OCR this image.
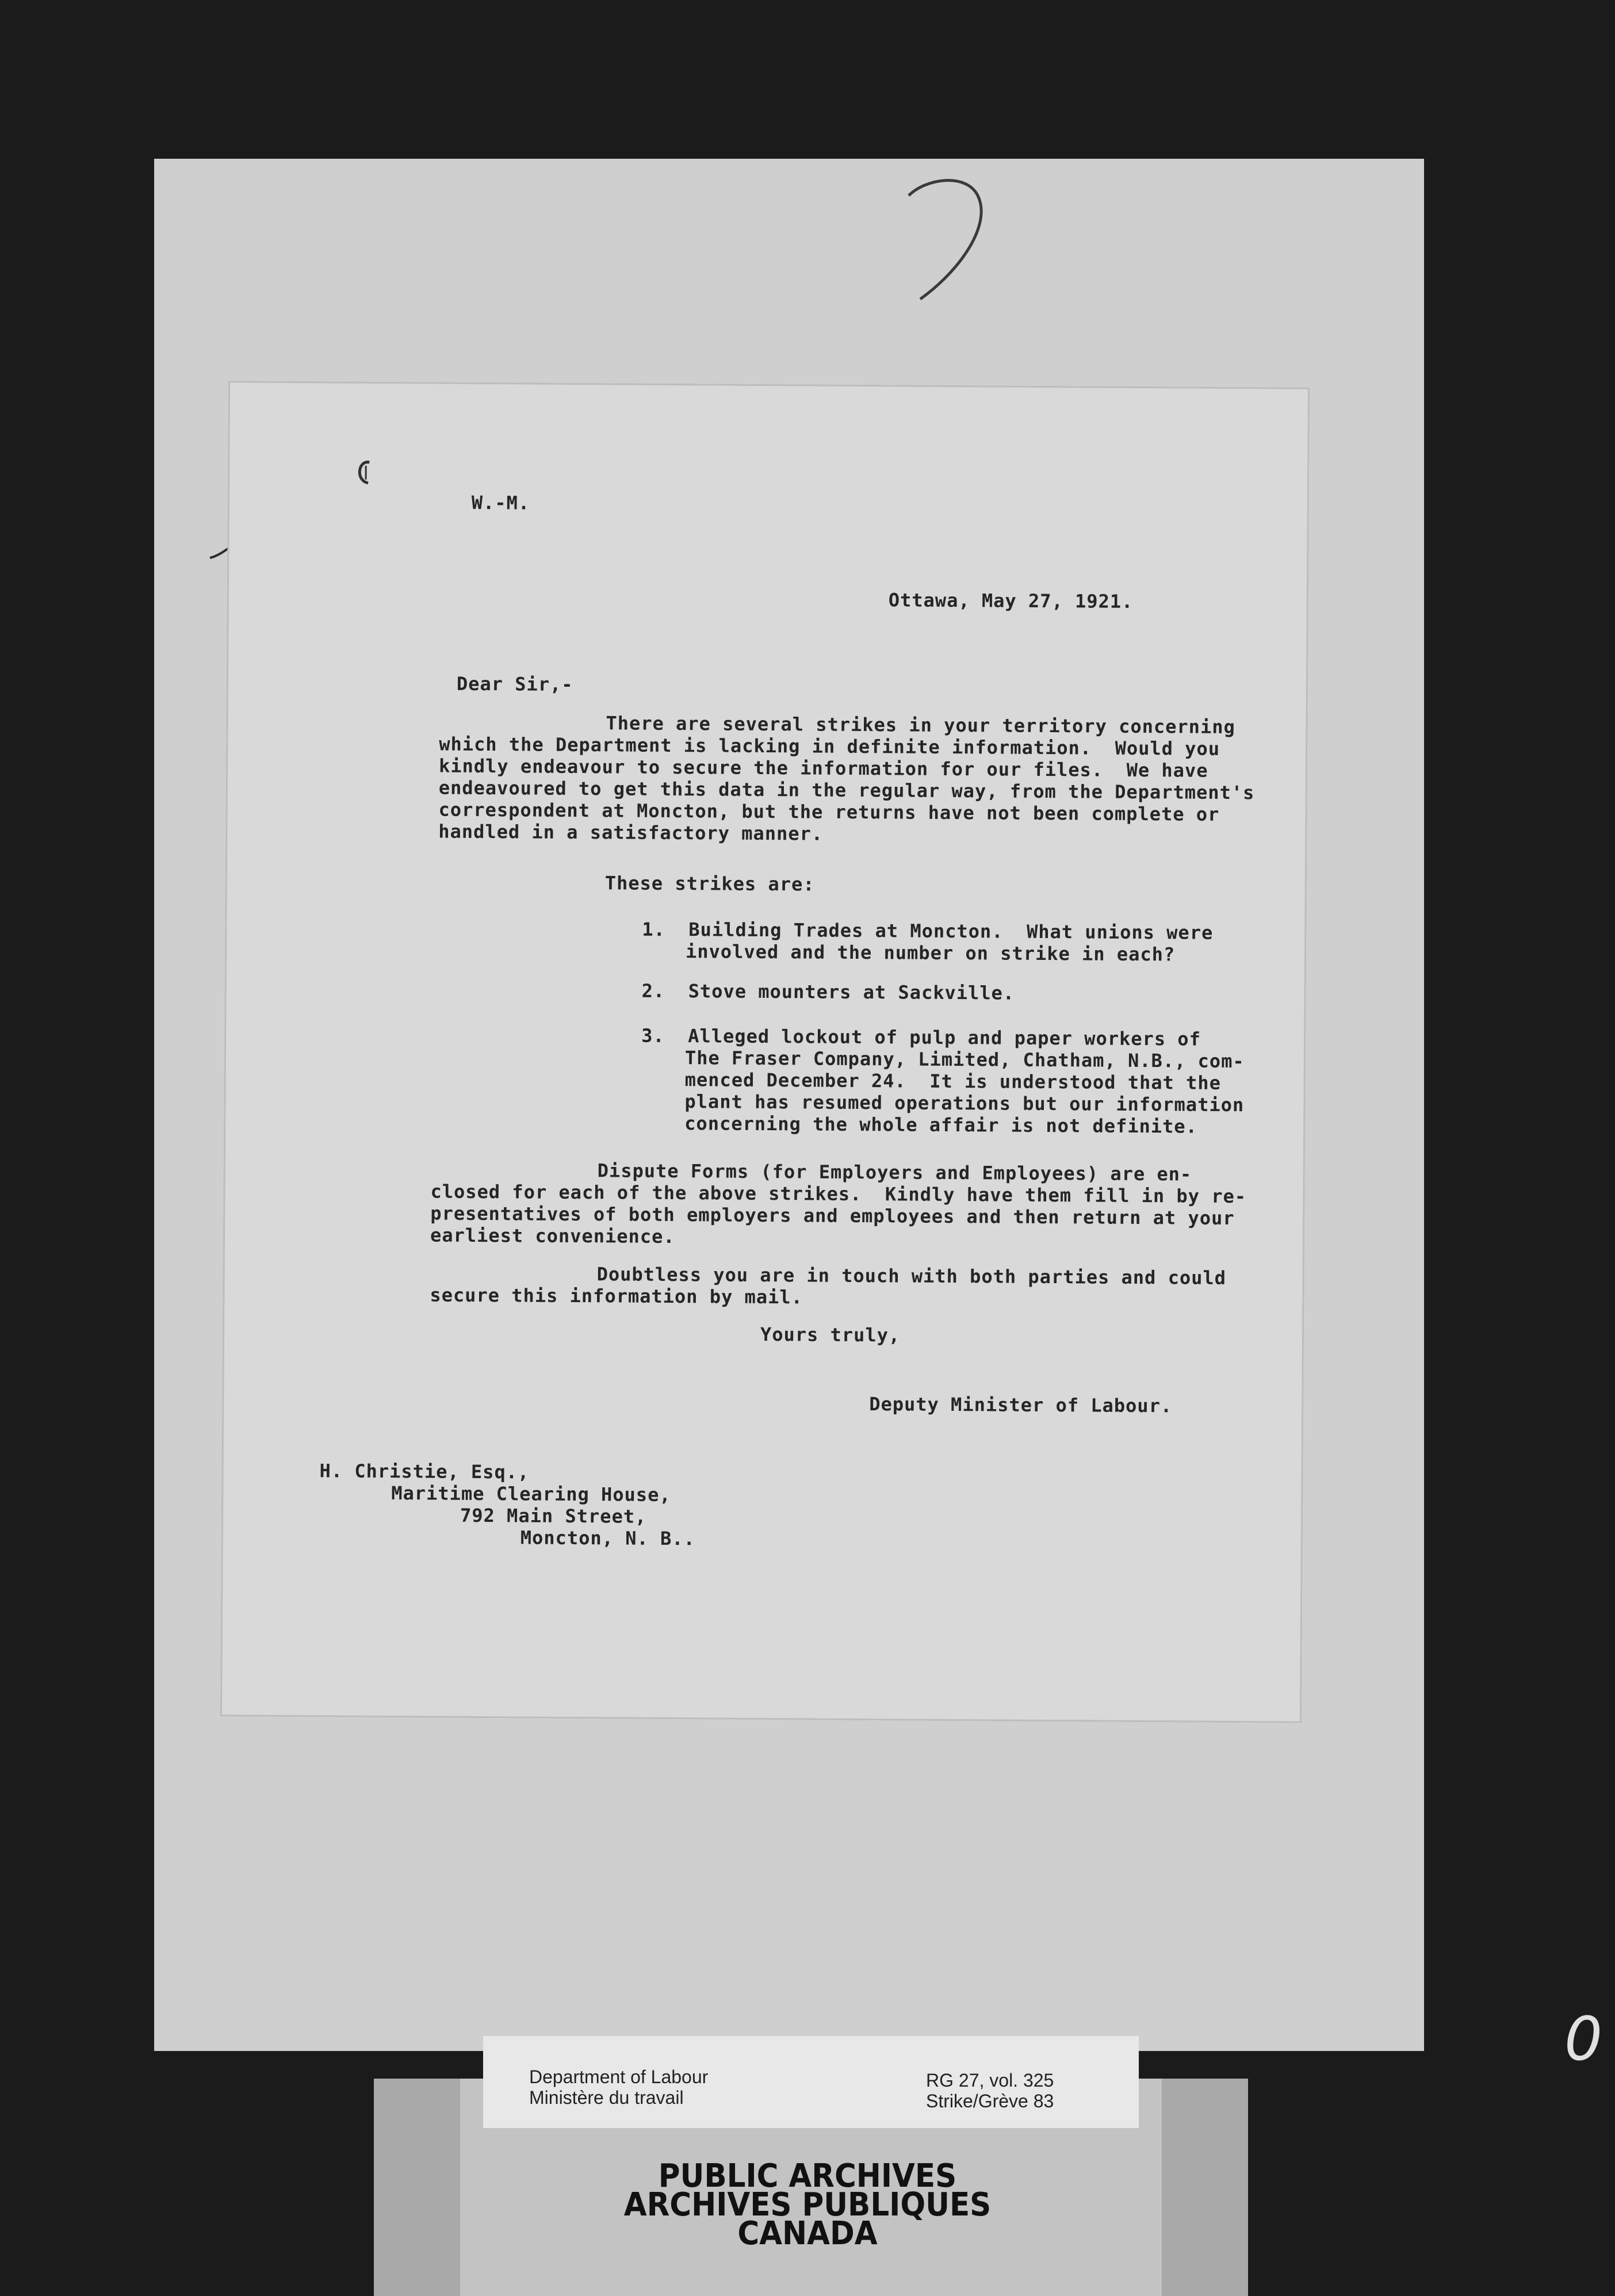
W.-M.

Ottawa, May 27, 1921.

Dear Sir,-

There are several strikes in your territory concerning
which the Department is lacking in definite information.  Would you
kindly endeavour to secure the information for our files.  We have
endeavoured to get this data in the regular way, from the Department's
correspondent at Moncton, but the returns have not been complete or
handled in a satisfactory manner.

These strikes are:

1. Building Trades at Moncton.  What unions were
involved and the number on strike in each?
2. Stove mounters at Sackville.
3. Alleged lockout of pulp and paper workers of
The Fraser Company, Limited, Chatham, N.B., com-
menced December 24.  It is understood that the
plant has resumed operations but our information
concerning the whole affair is not definite.
Dispute Forms (for Employers and Employees) are en-
closed for each of the above strikes.  Kindly have them fill in by re-
presentatives of both employers and employees and then return at your
earliest convenience.
Doubtless you are in touch with both parties and could
secure this information by mail.

Yours truly,

Deputy Minister of Labour.

H. Christie, Esq.,
Maritime Clearing House,
792 Main Street,
Moncton, N. B..

PUBLIC ARCHIVES

ARCHIVES PUBLIQUES

CANADA

Department of Labour

Ministère du travail

RG 27, vol. 325

Strike/Grève 83

0
